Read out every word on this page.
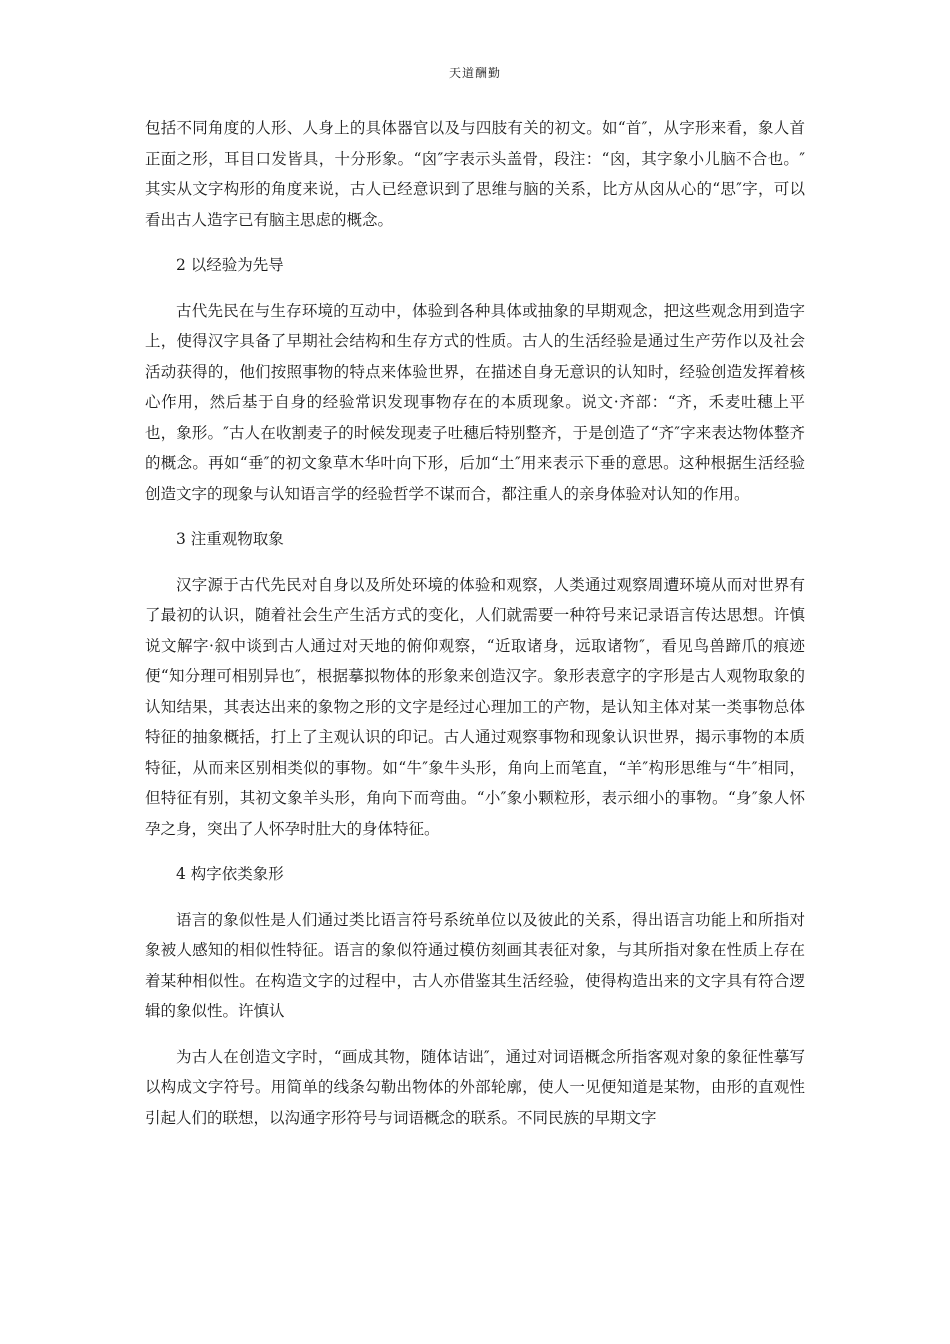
天道酬勤

包括不同角度的人形、人身上的具体器官以及与四肢有关的初文。如“首″，从字形来看，象人首正面之形，耳目口发皆具，十分形象。“囟″字表示头盖骨，段注：“囟，其字象小儿脑不合也。″其实从文字构形的角度来说，古人已经意识到了思维与脑的关系，比方从囟从心的“思″字，可以看出古人造字已有脑主思虑的概念。

2 以经验为先导

古代先民在与生存环境的互动中，体验到各种具体或抽象的早期观念，把这些观念用到造字上，使得汉字具备了早期社会结构和生存方式的性质。古人的生活经验是通过生产劳作以及社会活动获得的，他们按照事物的特点来体验世界，在描述自身无意识的认知时，经验创造发挥着核心作用，然后基于自身的经验常识发现事物存在的本质现象。说文·齐部：“齐，禾麦吐穗上平也，象形。″古人在收割麦子的时候发现麦子吐穗后特别整齐，于是创造了“齐″字来表达物体整齐的概念。再如“垂″的初文象草木华叶向下形，后加“土″用来表示下垂的意思。这种根据生活经验创造文字的现象与认知语言学的经验哲学不谋而合，都注重人的亲身体验对认知的作用。

3 注重观物取象

汉字源于古代先民对自身以及所处环境的体验和观察，人类通过观察周遭环境从而对世界有了最初的认识，随着社会生产生活方式的变化，人们就需要一种符号来记录语言传达思想。许慎说文解字·叙中谈到古人通过对天地的俯仰观察，“近取诸身，远取诸物″，看见鸟兽蹄爪的痕迹便“知分理可相别异也″，根据摹拟物体的形象来创造汉字。象形表意字的字形是古人观物取象的认知结果，其表达出来的象物之形的文字是经过心理加工的产物，是认知主体对某一类事物总体特征的抽象概括，打上了主观认识的印记。古人通过观察事物和现象认识世界，揭示事物的本质特征，从而来区别相类似的事物。如“牛″象牛头形，角向上而笔直，“羊″构形思维与“牛″相同，但特征有别，其初文象羊头形，角向下而弯曲。“小″象小颗粒形，表示细小的事物。“身″象人怀孕之身，突出了人怀孕时肚大的身体特征。

4 构字依类象形

语言的象似性是人们通过类比语言符号系统单位以及彼此的关系，得出语言功能上和所指对象被人感知的相似性特征。语言的象似符通过模仿刻画其表征对象，与其所指对象在性质上存在着某种相似性。在构造文字的过程中，古人亦借鉴其生活经验，使得构造出来的文字具有符合逻辑的象似性。许慎认

为古人在创造文字时，“画成其物，随体诘诎″，通过对词语概念所指客观对象的象征性摹写以构成文字符号。用简单的线条勾勒出物体的外部轮廓，使人一见便知道是某物，由形的直观性引起人们的联想，以沟通字形符号与词语概念的联系。不同民族的早期文字
